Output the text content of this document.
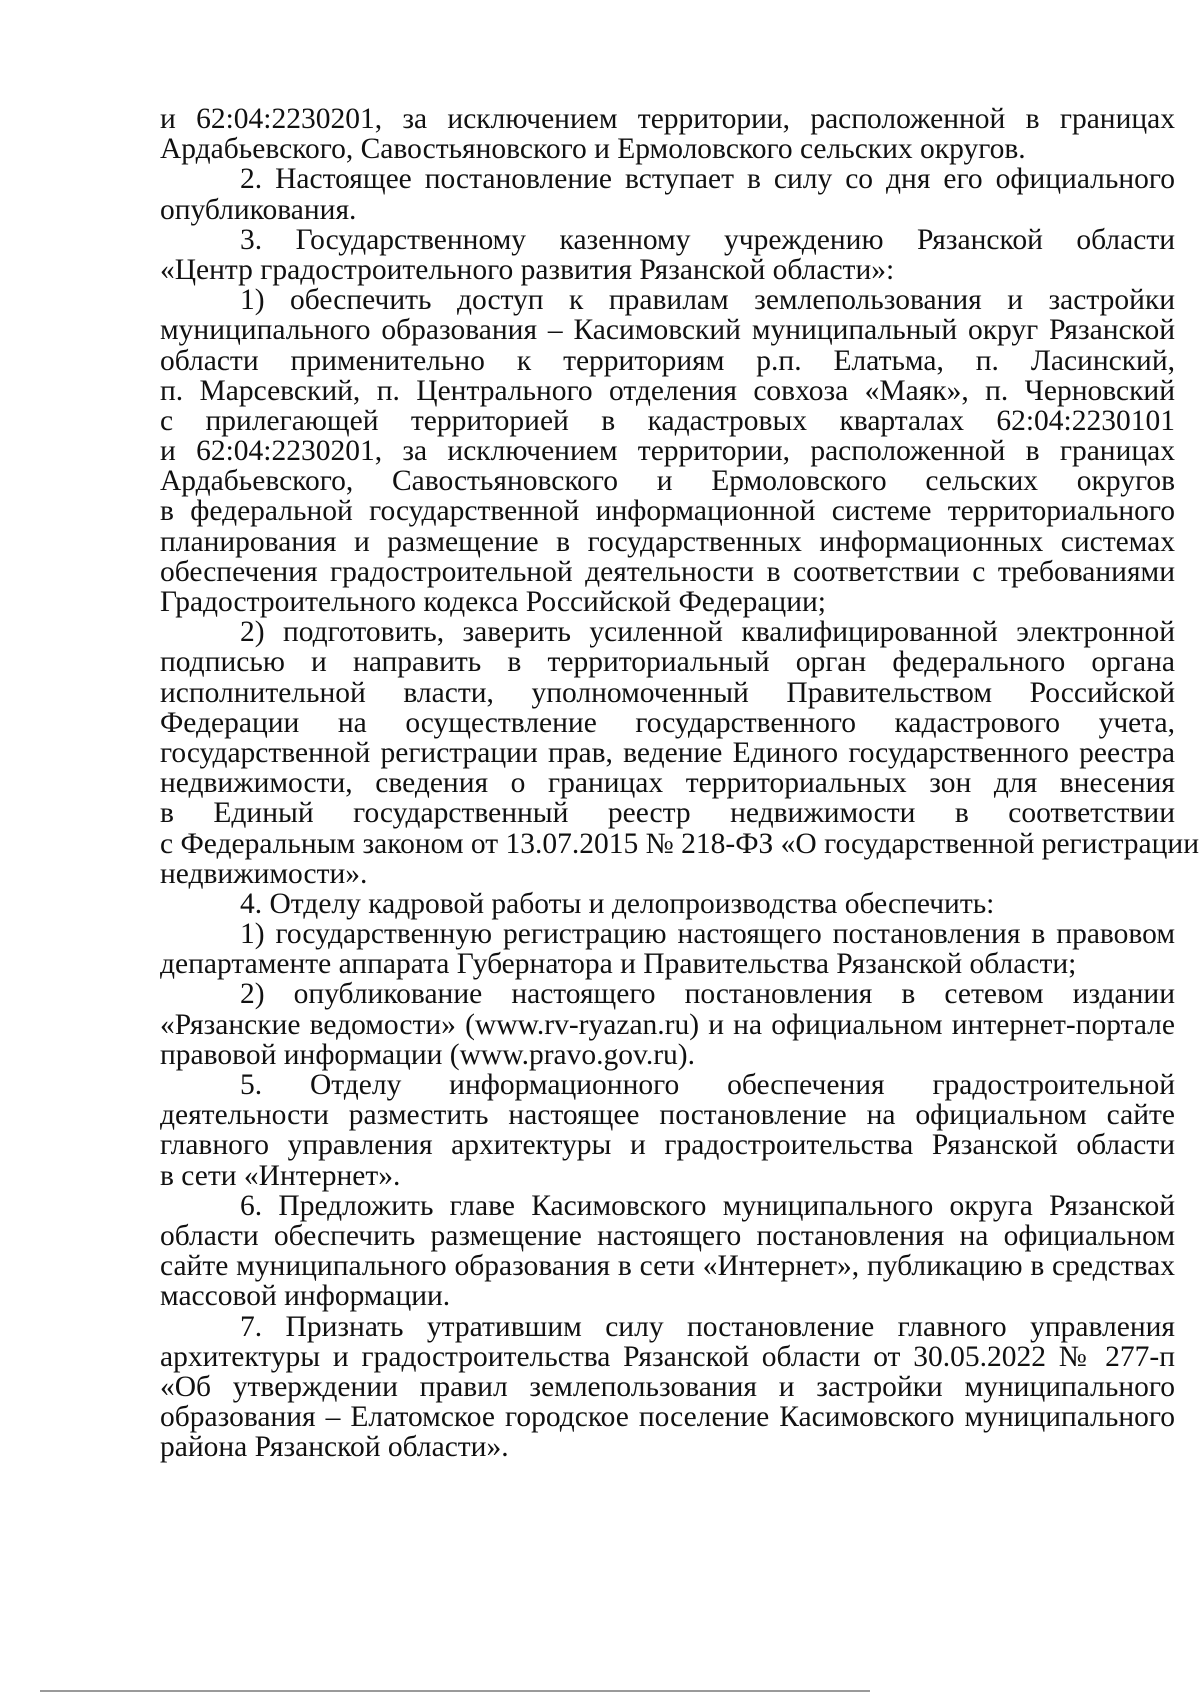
и 62:04:2230201, за исключением территории, расположенной в границах
Ардабьевского, Савостьяновского и Ермоловского сельских округов.
2. Настоящее постановление вступает в силу со дня его официального
опубликования.
3. Государственному казенному учреждению Рязанской области
«Центр градостроительного развития Рязанской области»:
1) обеспечить доступ к правилам землепользования и застройки
муниципального образования – Касимовский муниципальный округ Рязанской
области применительно к территориям р.п. Елатьма, п. Ласинский,
п. Марсевский, п. Центрального отделения совхоза «Маяк», п. Черновский
с прилегающей территорией в кадастровых кварталах 62:04:2230101
и 62:04:2230201, за исключением территории, расположенной в границах
Ардабьевского, Савостьяновского и Ермоловского сельских округов
в федеральной государственной информационной системе территориального
планирования и размещение в государственных информационных системах
обеспечения градостроительной деятельности в соответствии с требованиями
Градостроительного кодекса Российской Федерации;
2) подготовить, заверить усиленной квалифицированной электронной
подписью и направить в территориальный орган федерального органа
исполнительной власти, уполномоченный Правительством Российской
Федерации на осуществление государственного кадастрового учета,
государственной регистрации прав, ведение Единого государственного реестра
недвижимости, сведения о границах территориальных зон для внесения
в Единый государственный реестр недвижимости в соответствии
с Федеральным законом от 13.07.2015 № 218-ФЗ «О государственной регистрации
недвижимости».
4. Отделу кадровой работы и делопроизводства обеспечить:
1) государственную регистрацию настоящего постановления в правовом
департаменте аппарата Губернатора и Правительства Рязанской области;
2) опубликование настоящего постановления в сетевом издании
«Рязанские ведомости» (www.rv-ryazan.ru) и на официальном интернет-портале
правовой информации (www.pravo.gov.ru).
5. Отделу информационного обеспечения градостроительной
деятельности разместить настоящее постановление на официальном сайте
главного управления архитектуры и градостроительства Рязанской области
в сети «Интернет».
6. Предложить главе Касимовского муниципального округа Рязанской
области обеспечить размещение настоящего постановления на официальном
сайте муниципального образования в сети «Интернет», публикацию в средствах
массовой информации.
7. Признать утратившим силу постановление главного управления
архитектуры и градостроительства Рязанской области от 30.05.2022 № 277-п
«Об утверждении правил землепользования и застройки муниципального
образования – Елатомское городское поселение Касимовского муниципального
района Рязанской области».
